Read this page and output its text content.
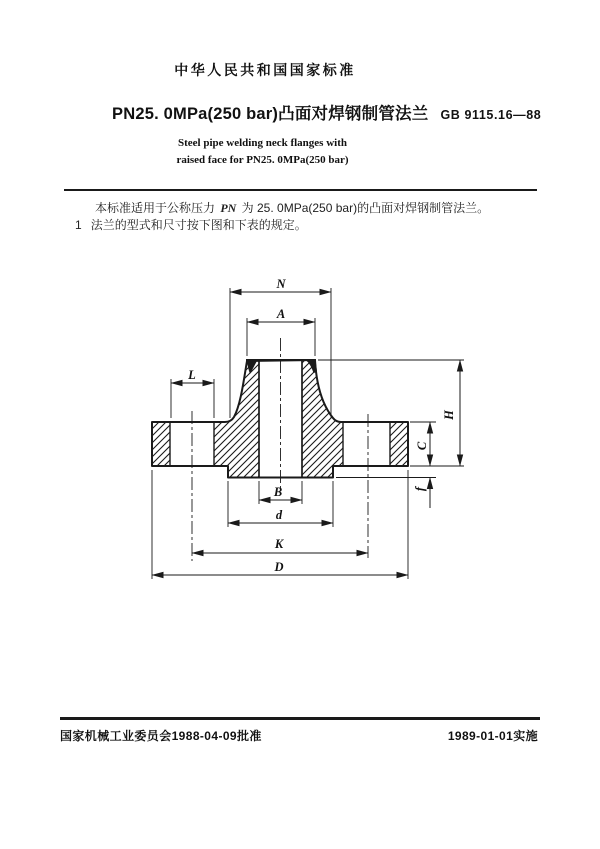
中华人民共和国国家标准
PN25. 0MPa(250 bar)凸面对焊钢制管法兰 GB 9115.16—88
Steel pipe welding neck flanges with
raised face for PN25. 0MPa(250 bar)
本标准适用于公称压力 PN 为 25. 0MPa(250 bar)的凸面对焊钢制管法兰。
1 法兰的型式和尺寸按下图和下表的规定。
N
A
L
B
d
K
D
H
C
f
国家机械工业委员会1988-04-09批准	1989-01-01实施
